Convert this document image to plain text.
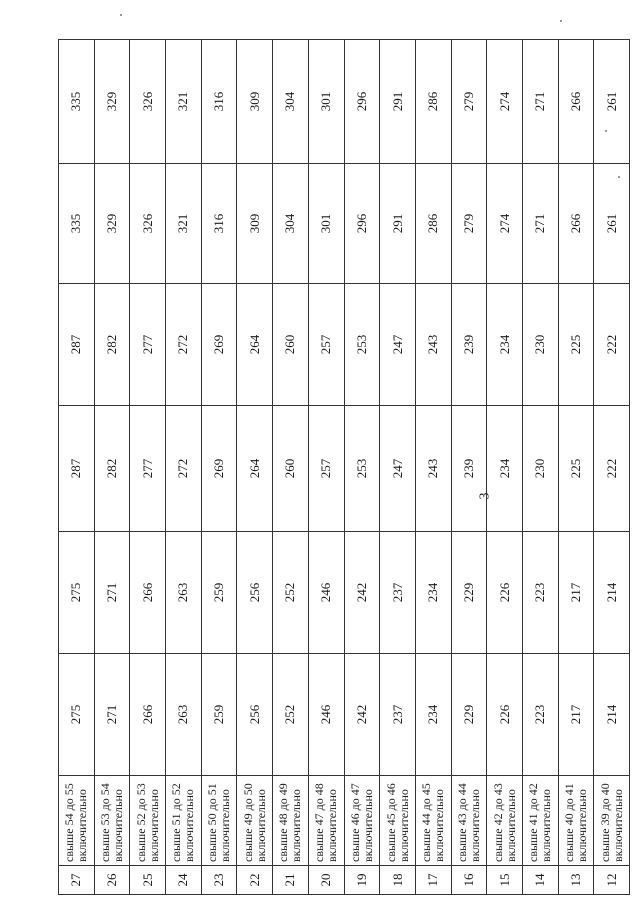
3
27	свыше 54 до 55 включительно	275	275	287	287	335	335
26	свыше 53 до 54 включительно	271	271	282	282	329	329
25	свыше 52 до 53 включительно	266	266	277	277	326	326
24	свыше 51 до 52 включительно	263	263	272	272	321	321
23	свыше 50 до 51 включительно	259	259	269	269	316	316
22	свыше 49 до 50 включительно	256	256	264	264	309	309
21	свыше 48 до 49 включительно	252	252	260	260	304	304
20	свыше 47 до 48 включительно	246	246	257	257	301	301
19	свыше 46 до 47 включительно	242	242	253	253	296	296
18	свыше 45 до 46 включительно	237	237	247	247	291	291
17	свыше 44 до 45 включительно	234	234	243	243	286	286
16	свыше 43 до 44 включительно	229	229	239	239	279	279
15	свыше 42 до 43 включительно	226	226	234	234	274	274
14	свыше 41 до 42 включительно	223	223	230	230	271	271
13	свыше 40 до 41 включительно	217	217	225	225	266	266
12	свыше 39 до 40 включительно	214	214	222	222	261	261
